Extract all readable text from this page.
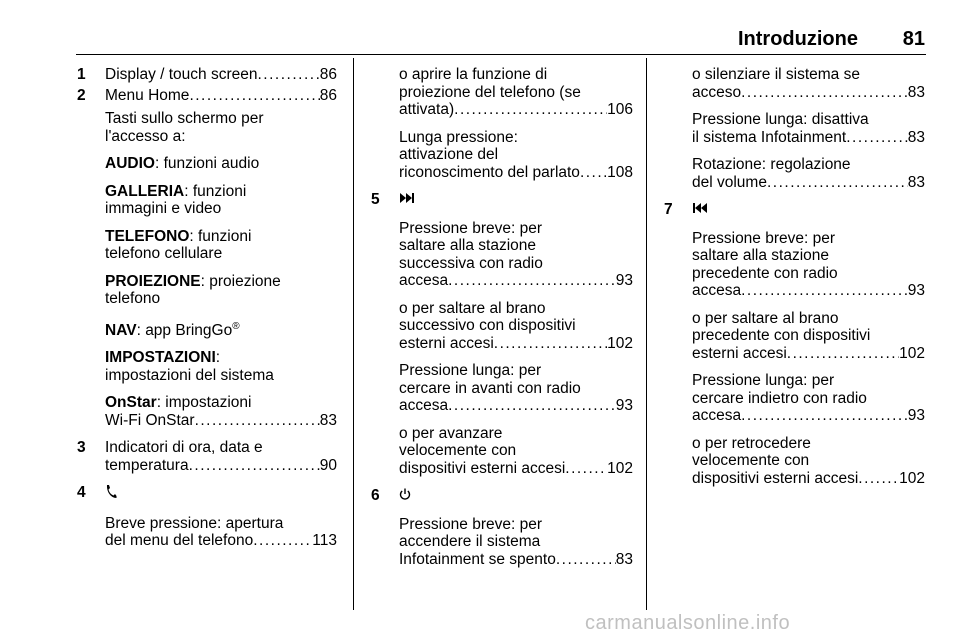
Introduzione	81
1 Display / touch screen .....	86
2 Menu Home .....	86

Tasti sullo schermo per l'accesso a:

AUDIO: funzioni audio

GALLERIA: funzioni immagini e video

TELEFONO: funzioni telefono cellulare

PROIEZIONE: proiezione telefono

NAV: app BringGo®

IMPOSTAZIONI: impostazioni del sistema

OnStar: impostazioni
Wi-Fi OnStar .....	83
3 Indicatori di ora, data e
temperatura .....	90
4

Breve pressione: apertura
del menu del telefono .....	113
o aprire la funzione di
proiezione del telefono (se
attivata) .....	106
Lunga pressione:
attivazione del
riconoscimento del parlato ..... 108
5

Pressione breve: per
saltare alla stazione
successiva con radio
accesa .....	93
o per saltare al brano
successivo con dispositivi
esterni accesi .....	102
Pressione lunga: per
cercare in avanti con radio
accesa .....	93
o per avanzare
velocemente con
dispositivi esterni accesi .....	102
6

Pressione breve: per
accendere il sistema
Infotainment se spento .....	83
o silenziare il sistema se
acceso .....	83
Pressione lunga: disattiva
il sistema Infotainment .....	83
Rotazione: regolazione
del volume .....	83
7

Pressione breve: per
saltare alla stazione
precedente con radio
accesa .....	93
o per saltare al brano
precedente con dispositivi
esterni accesi .....	102
Pressione lunga: per
cercare indietro con radio
accesa .....	93
o per retrocedere
velocemente con
dispositivi esterni accesi .....	102
carmanualsonline.info
